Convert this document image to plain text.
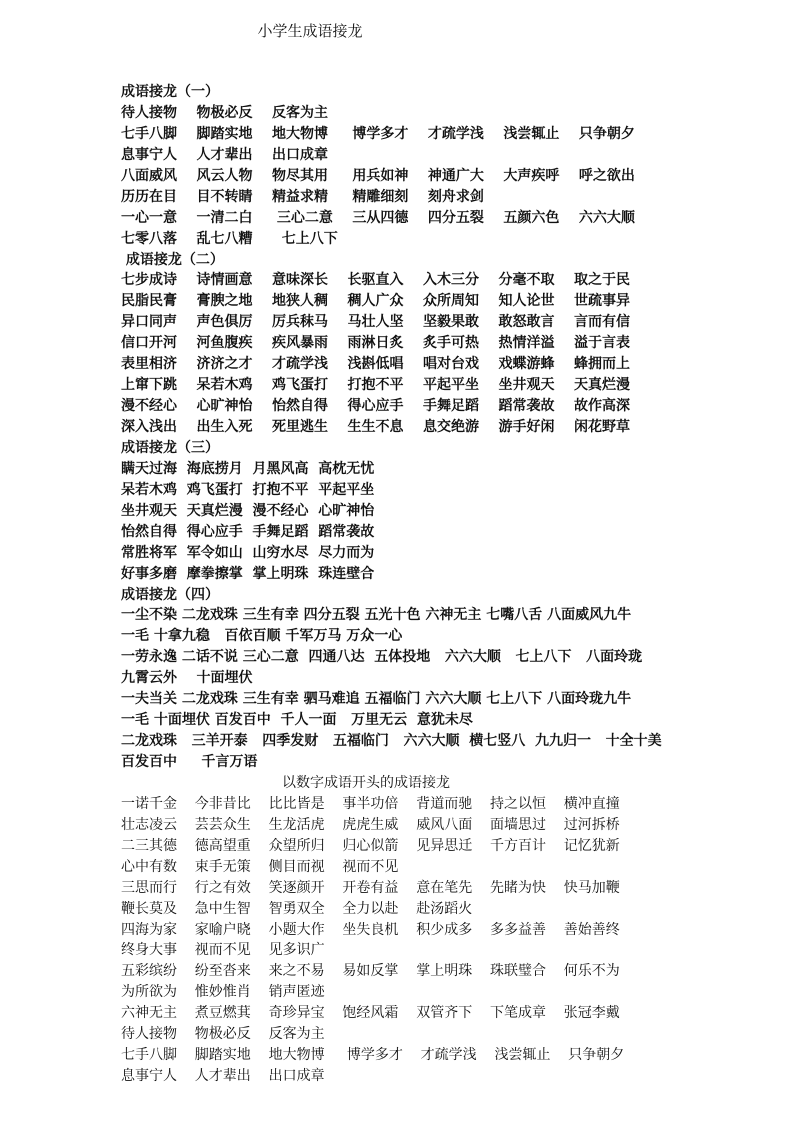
小学生成语接龙
成语接龙（一）
待人接物    物极必反    反客为主
七手八脚    脚踏实地    地大物博     博学多才    才疏学浅    浅尝辄止    只争朝夕
息事宁人    人才辈出    出口成章
八面威风    风云人物    物尽其用     用兵如神    神通广大    大声疾呼    呼之欲出
历历在目    目不转睛    精益求精     精雕细刻    刻舟求剑
一心一意    一清二白     三心二意    三从四德    四分五裂    五颜六色    六六大顺
七零八落    乱七八糟      七上八下
成语接龙（二）
七步成诗    诗情画意    意味深长    长驱直入    入木三分    分毫不取    取之于民
民脂民膏    膏腴之地    地狭人稠    稠人广众    众所周知    知人论世    世疏事异
异口同声    声色俱厉    厉兵秣马    马壮人坚    坚毅果敢    敢怒敢言    言而有信
信口开河    河鱼腹疾    疾风暴雨    雨淋日炙    炙手可热    热情洋溢    溢于言表
表里相济    济济之才    才疏学浅    浅斟低唱    唱对台戏    戏蝶游蜂    蜂拥而上
上窜下跳    呆若木鸡    鸡飞蛋打    打抱不平    平起平坐    坐井观天    天真烂漫
漫不经心    心旷神怡    怡然自得    得心应手    手舞足蹈    蹈常袭故    故作高深
深入浅出    出生入死    死里逃生    生生不息    息交绝游    游手好闲    闲花野草
成语接龙（三）
瞒天过海  海底捞月  月黑风高  高枕无忧
呆若木鸡  鸡飞蛋打  打抱不平  平起平坐
坐井观天  天真烂漫  漫不经心  心旷神怡
怡然自得  得心应手  手舞足蹈  蹈常袭故
常胜将军  军令如山  山穷水尽  尽力而为
好事多磨  摩拳擦掌  掌上明珠  珠连壁合
成语接龙（四）
一尘不染 二龙戏珠 三生有幸 四分五裂 五光十色 六神无主 七嘴八舌 八面威风九牛
一毛 十拿九稳   百依百顺 千军万马 万众一心
一劳永逸 二话不说 三心二意  四通八达  五体投地   六六大顺   七上八下   八面玲珑
九霄云外    十面埋伏
一夫当关 二龙戏珠 三生有幸 驷马难追 五福临门 六六大顺 七上八下 八面玲珑九牛
一毛 十面埋伏 百发百中  千人一面   万里无云  意犹未尽
二龙戏珠   三羊开泰   四季发财   五福临门   六六大顺  横七竖八  九九归一   十全十美
百发百中     千言万语
以数字成语开头的成语接龙
一诺千金    今非昔比    比比皆是    事半功倍    背道而驰    持之以恒    横冲直撞
壮志凌云    芸芸众生    生龙活虎    虎虎生威    威风八面    面墙思过    过河拆桥
二三其德    德高望重    众望所归    归心似箭    见异思迁    千方百计    记忆犹新
心中有数    束手无策    侧目而视    视而不见
三思而行    行之有效    笑逐颜开    开卷有益    意在笔先    先睹为快    快马加鞭
鞭长莫及    急中生智    智勇双全    全力以赴    赴汤蹈火
四海为家    家喻户晓    小题大作    坐失良机    积少成多    多多益善    善始善终
终身大事    视而不见    见多识广
五彩缤纷    纷至沓来    来之不易    易如反掌    掌上明珠    珠联璧合    何乐不为
为所欲为    惟妙惟肖    销声匿迹
六神无主    煮豆燃萁    奇珍异宝    饱经风霜    双管齐下    下笔成章    张冠李戴
待人接物    物极必反    反客为主
七手八脚    脚踏实地    地大物博     博学多才    才疏学浅    浅尝辄止    只争朝夕
息事宁人    人才辈出    出口成章
